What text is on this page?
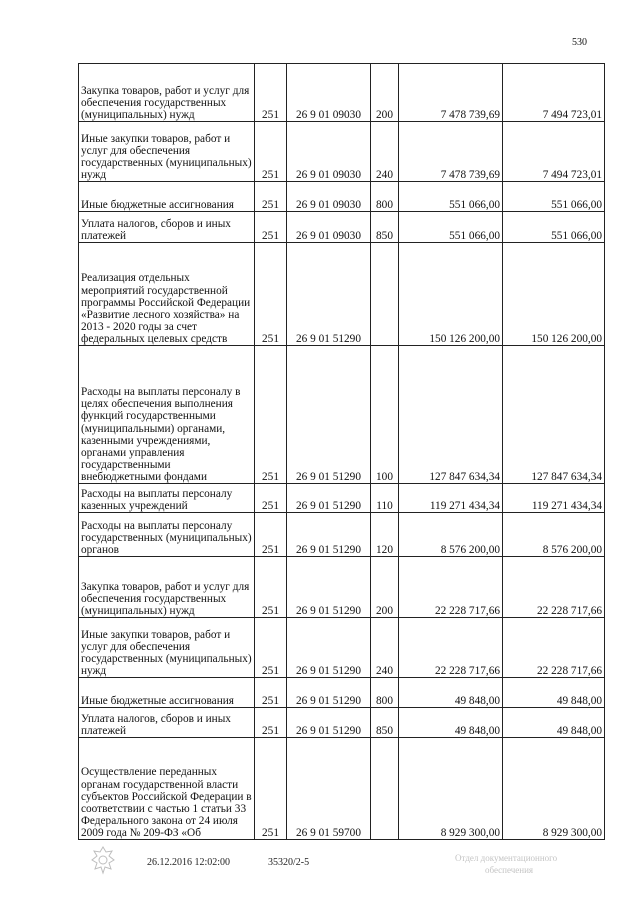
530
Закупка товаров, работ и услуг для обеспечения государственных (муниципальных) нужд	251	26 9 01 09030	200	7 478 739,69	7 494 723,01
Иные закупки товаров, работ и услуг для обеспечения государственных (муниципальных) нужд	251	26 9 01 09030	240	7 478 739,69	7 494 723,01
Иные бюджетные ассигнования	251	26 9 01 09030	800	551 066,00	551 066,00
Уплата налогов, сборов и иных платежей	251	26 9 01 09030	850	551 066,00	551 066,00
Реализация отдельных мероприятий государственной программы Российской Федерации «Развитие лесного хозяйства» на 2013 - 2020 годы за счет федеральных целевых средств	251	26 9 01 51290		150 126 200,00	150 126 200,00
Расходы на выплаты персоналу в целях обеспечения выполнения функций государственными (муниципальными) органами, казенными учреждениями, органами управления государственными внебюджетными фондами	251	26 9 01 51290	100	127 847 634,34	127 847 634,34
Расходы на выплаты персоналу казенных учреждений	251	26 9 01 51290	110	119 271 434,34	119 271 434,34
Расходы на выплаты персоналу государственных (муниципальных) органов	251	26 9 01 51290	120	8 576 200,00	8 576 200,00
Закупка товаров, работ и услуг для обеспечения государственных (муниципальных) нужд	251	26 9 01 51290	200	22 228 717,66	22 228 717,66
Иные закупки товаров, работ и услуг для обеспечения государственных (муниципальных) нужд	251	26 9 01 51290	240	22 228 717,66	22 228 717,66
Иные бюджетные ассигнования	251	26 9 01 51290	800	49 848,00	49 848,00
Уплата налогов, сборов и иных платежей	251	26 9 01 51290	850	49 848,00	49 848,00
Осуществление переданных органам государственной власти субъектов Российской Федерации в соответствии с частью 1 статьи 33 Федерального закона от 24 июля 2009 года № 209-ФЗ «Об	251	26 9 01 59700		8 929 300,00	8 929 300,00
26.12.2016 12:02:00	35320/2-5	Отдел документационного
обеспечения
